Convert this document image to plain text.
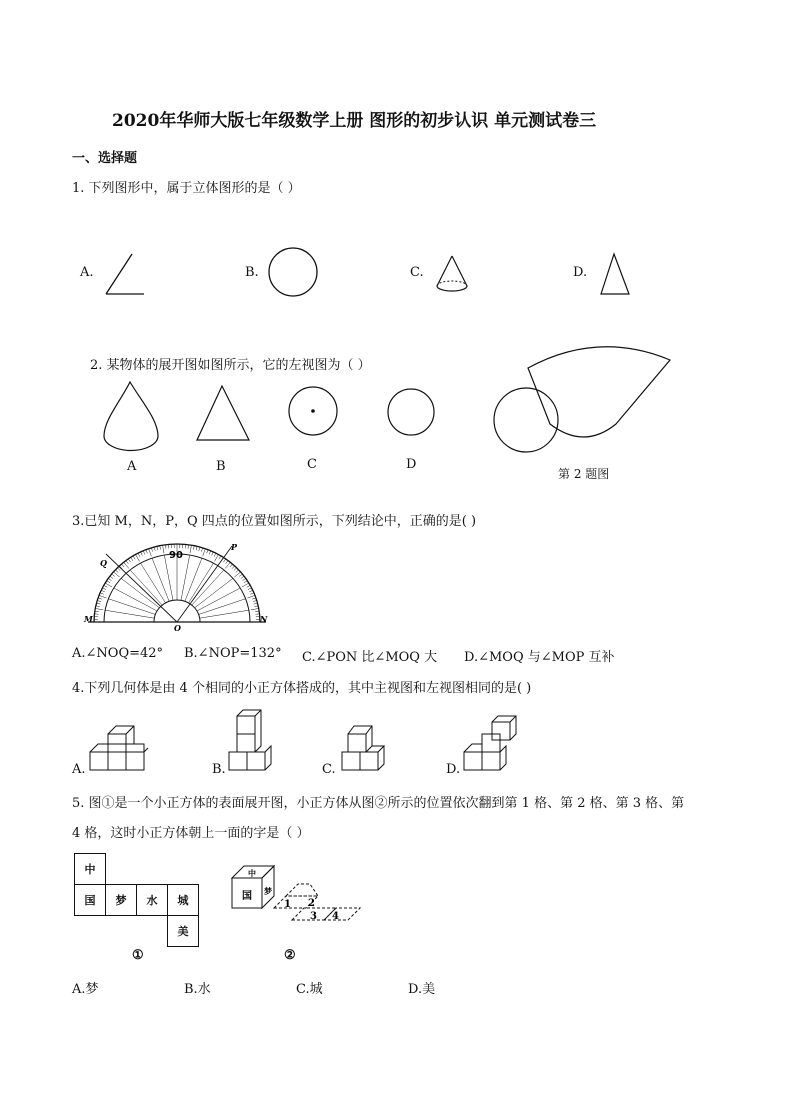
2020年华师大版七年级数学上册 图形的初步认识 单元测试卷三
一、选择题
1. 下列图形中，属于立体图形的是（ ）
A.	B.	C.	D.
2. 某物体的展开图如图所示，它的左视图为（ ）
A	B	C	D
第 2 题图
3.已知 M，N，P，Q 四点的位置如图所示，下列结论中，正确的是( )
90
M	N
P
Q
O
A.∠NOQ=42° B.∠NOP=132° C.∠PON 比∠MOQ 大 D.∠MOQ 与∠MOP 互补
4.下列几何体是由 4 个相同的小正方体搭成的，其中主视图和左视图相同的是( )
A.	B.	C.	D.
5. 图①是一个小正方体的表面展开图，小正方体从图②所示的位置依次翻到第 1 格、第 2 格、第 3 格、第
4 格，这时小正方体朝上一面的字是（ ）
中
国	梦	水	城
美
①
国
中
梦
1 2
3 4
②
A.梦	B.水	C.城	D.美
